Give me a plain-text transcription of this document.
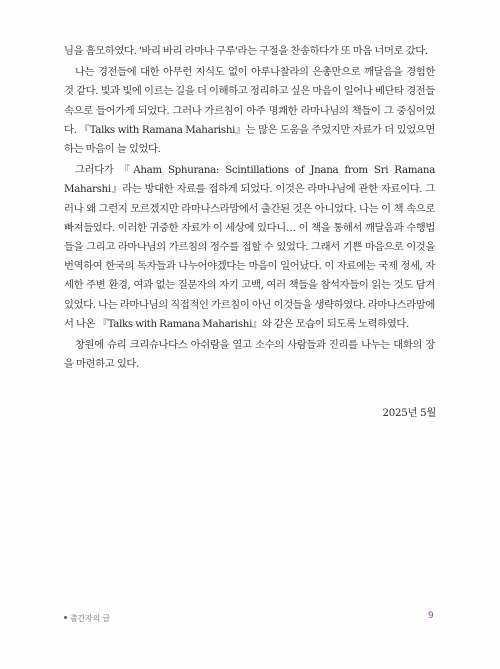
님을 흠모하였다. '바리 바리 라마나 구루'라는 구절을 찬송하다가 또 마음 너머로 갔다.

나는 경전들에 대한 아무런 지식도 없이 아루나찰라의 은총만으로 깨달음을 경험한 것 같다. 빛과 빛에 이르는 길을 더 이해하고 정리하고 싶은 마음이 일어나 베단타 경전들 속으로 들어가게 되었다. 그러나 가르침이 아주 명쾌한 라마나님의 책들이 그 중심이었다. 『Talks with Ramana Maharishi』는 많은 도움을 주었지만 자료가 더 있었으면 하는 마음이 늘 있었다.

그러다가 『Aham Sphurana: Scintillations of Jnana from Sri Ramana Maharshi』라는 방대한 자료를 접하게 되었다. 이것은 라마나님에 관한 자료이다. 그러나 왜 그런지 모르겠지만 라마나스라맘에서 출간된 것은 아니었다. 나는 이 책 속으로 빠져들었다. 이러한 귀중한 자료가 이 세상에 있다니… 이 책을 통해서 깨달음과 수행법들을 그리고 라마나님의 가르침의 정수를 접할 수 있었다. 그래서 기쁜 마음으로 이것을 번역하여 한국의 독자들과 나누어야겠다는 마음이 일어났다. 이 자료에는 국제 정세, 자세한 주변 환경, 여과 없는 질문자의 자기 고백, 여러 책들을 참석자들이 읽는 것도 담겨있었다. 나는 라마나님의 직접적인 가르침이 아닌 이것들을 생략하였다. 라마나스라맘에서 나온 『Talks with Ramana Maharishi』와 같은 모습이 되도록 노력하였다.

창원에 슈리 크리슈나다스 아쉬람을 열고 소수의 사람들과 진리를 나누는 대화의 장을 마련하고 있다.

2025년 5월
출간자의 글	9
